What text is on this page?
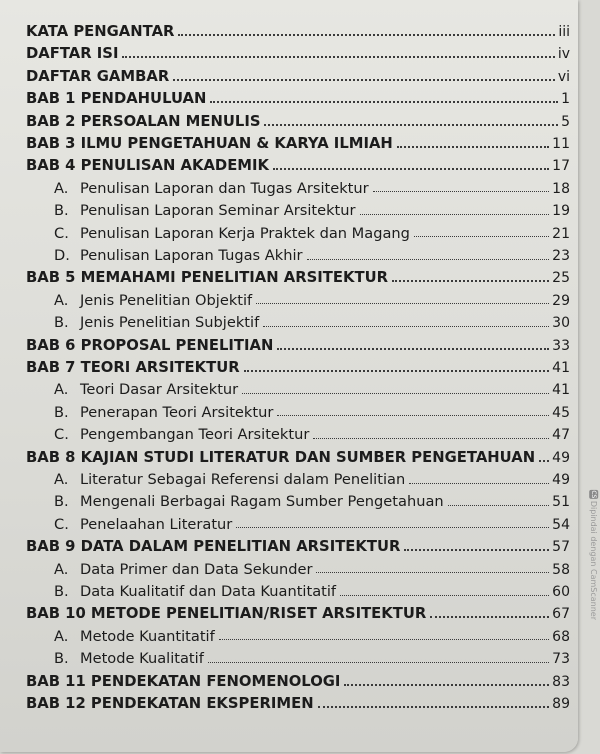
KATA PENGANTAR	iii
DAFTAR ISI	iv
DAFTAR GAMBAR	vi
BAB 1 PENDAHULUAN	1
BAB 2 PERSOALAN MENULIS	5
BAB 3 ILMU PENGETAHUAN & KARYA ILMIAH	11
BAB 4 PENULISAN AKADEMIK	17
A. Penulisan Laporan dan Tugas Arsitektur	18
B. Penulisan Laporan Seminar Arsitektur	19
C. Penulisan Laporan Kerja Praktek dan Magang	21
D. Penulisan Laporan Tugas Akhir	23
BAB 5 MEMAHAMI PENELITIAN ARSITEKTUR	25
A. Jenis Penelitian Objektif	29
B. Jenis Penelitian Subjektif	30
BAB 6 PROPOSAL PENELITIAN	33
BAB 7 TEORI ARSITEKTUR	41
A. Teori Dasar Arsitektur	41
B. Penerapan Teori Arsitektur	45
C. Pengembangan Teori Arsitektur	47
BAB 8 KAJIAN STUDI LITERATUR DAN SUMBER PENGETAHUAN 49
A. Literatur Sebagai Referensi dalam Penelitian	49
B. Mengenali Berbagai Ragam Sumber Pengetahuan	51
C. Penelaahan Literatur	54
BAB 9 DATA DALAM PENELITIAN ARSITEKTUR	57
A. Data Primer dan Data Sekunder	58
B. Data Kualitatif dan Data Kuantitatif	60
BAB 10 METODE PENELITIAN/RISET ARSITEKTUR	67
A. Metode Kuantitatif	68
B. Metode Kualitatif	73
BAB 11 PENDEKATAN FENOMENOLOGI	83
BAB 12 PENDEKATAN EKSPERIMEN	89
CSDipindai dengan CamScanner
